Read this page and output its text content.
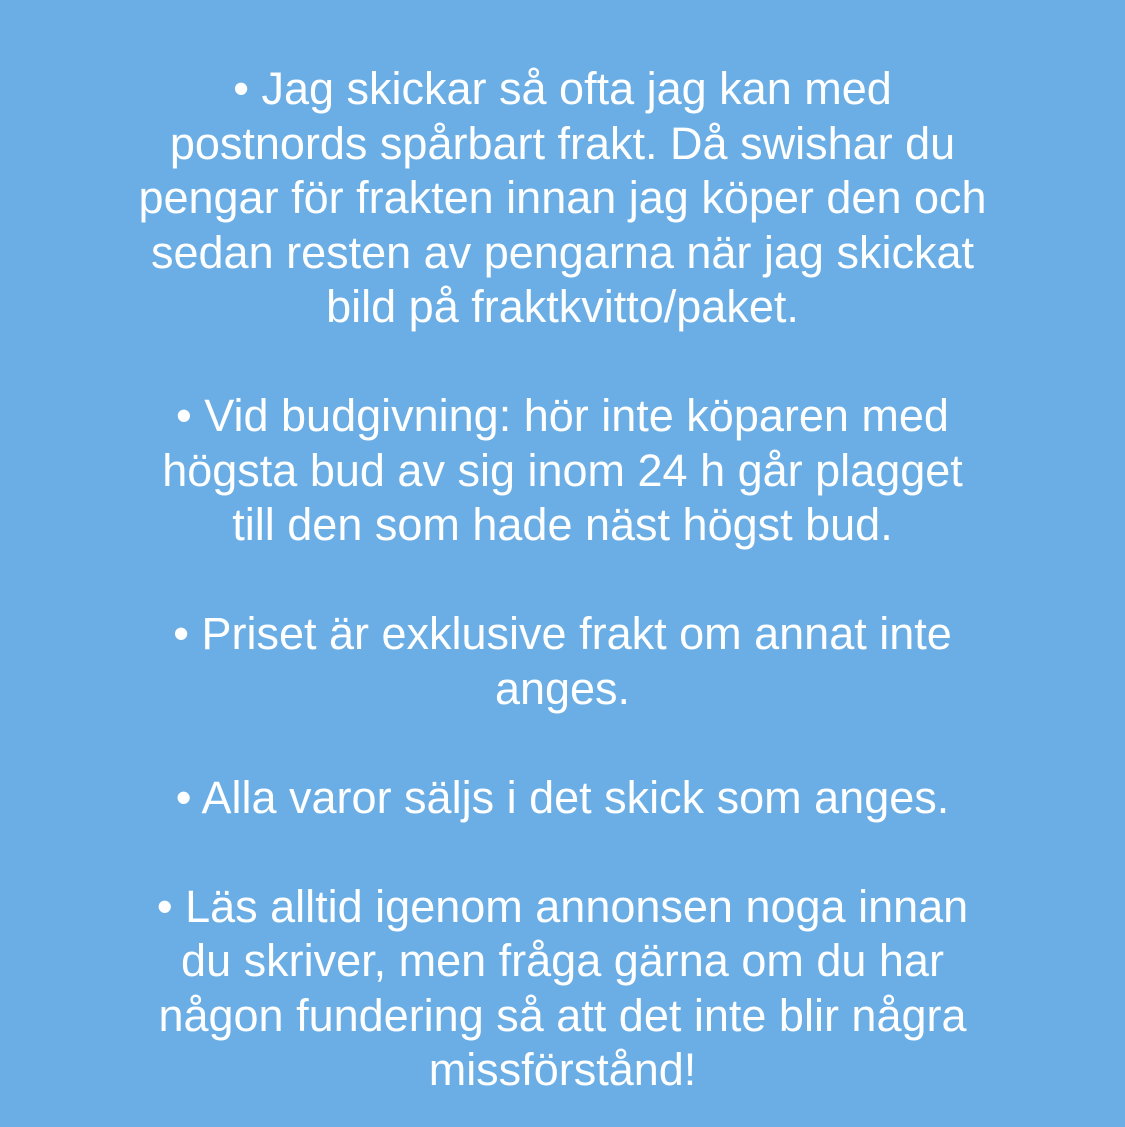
• Jag skickar så ofta jag kan med

postnords spårbart frakt. Då swishar du

pengar för frakten innan jag köper den och

sedan resten av pengarna när jag skickat

bild på fraktkvitto/paket.

• Vid budgivning: hör inte köparen med

högsta bud av sig inom 24 h går plagget

till den som hade näst högst bud.

• Priset är exklusive frakt om annat inte

anges.

• Alla varor säljs i det skick som anges.

• Läs alltid igenom annonsen noga innan

du skriver, men fråga gärna om du har

någon fundering så att det inte blir några

missförstånd!
